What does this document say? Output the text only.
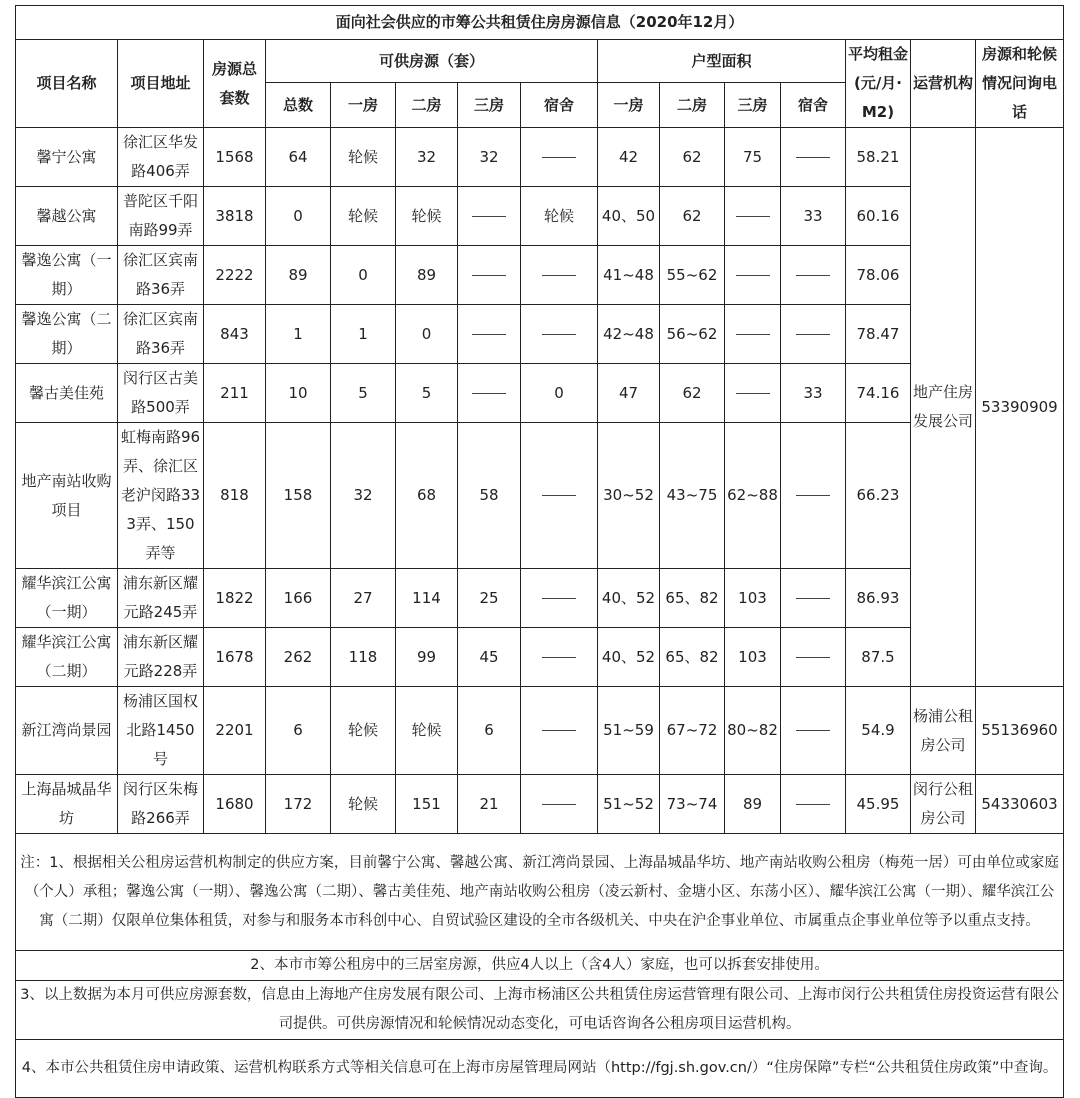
面向社会供应的市筹公共租赁住房房源信息（2020年12月）														
项目名称	项目地址	房源总套数	可供房源（套）					户型面积				平均租金(元/月·M2)	运营机构	房源和轮候情况问询电话
			总数	一房	二房	三房	宿舍	一房	二房	三房	宿舍			
馨宁公寓	徐汇区华发路406弄	1568	64	轮候	32	32		42	62	75		58.21	地产住房发展公司	53390909
馨越公寓	普陀区千阳南路99弄	3818	0	轮候	轮候		轮候	40、50	62		33	60.16		
馨逸公寓（一期）	徐汇区宾南路36弄	2222	89	0	89			41~48	55~62			78.06		
馨逸公寓（二期）	徐汇区宾南路36弄	843	1	1	0			42~48	56~62			78.47		
馨古美佳苑	闵行区古美路500弄	211	10	5	5		0	47	62		33	74.16		
地产南站收购项目	虹梅南路96弄、徐汇区老沪闵路333弄、150弄等	818	158	32	68	58		30~52	43~75	62~88		66.23		
耀华滨江公寓（一期）	浦东新区耀元路245弄	1822	166	27	114	25		40、52	65、82	103		86.93		
耀华滨江公寓（二期）	浦东新区耀元路228弄	1678	262	118	99	45		40、52	65、82	103		87.5		
新江湾尚景园	杨浦区国权北路1450号	2201	6	轮候	轮候	6		51~59	67~72	80~82		54.9	杨浦公租房公司	55136960
上海晶城晶华坊	闵行区朱梅路266弄	1680	172	轮候	151	21		51~52	73~74	89		45.95	闵行公租房公司	54330603
注：1、根据相关公租房运营机构制定的供应方案，目前馨宁公寓、馨越公寓、新江湾尚景园、上海晶城晶华坊、地产南站收购公租房（梅苑一居）可由单位或家庭（个人）承租；馨逸公寓（一期）、馨逸公寓（二期）、馨古美佳苑、地产南站收购公租房（凌云新村、金塘小区、东荡小区）、耀华滨江公寓（一期）、耀华滨江公寓（二期）仅限单位集体租赁，对参与和服务本市科创中心、自贸试验区建设的全市各级机关、中央在沪企事业单位、市属重点企事业单位等予以重点支持。														
2、本市市筹公租房中的三居室房源，供应4人以上（含4人）家庭，也可以拆套安排使用。														
3、以上数据为本月可供应房源套数，信息由上海地产住房发展有限公司、上海市杨浦区公共租赁住房运营管理有限公司、上海市闵行公共租赁住房投资运营有限公司提供。可供房源情况和轮候情况动态变化，可电话咨询各公租房项目运营机构。														
4、本市公共租赁住房申请政策、运营机构联系方式等相关信息可在上海市房屋管理局网站（http://fgj.sh.gov.cn/）“住房保障”专栏“公共租赁住房政策”中查询。														
